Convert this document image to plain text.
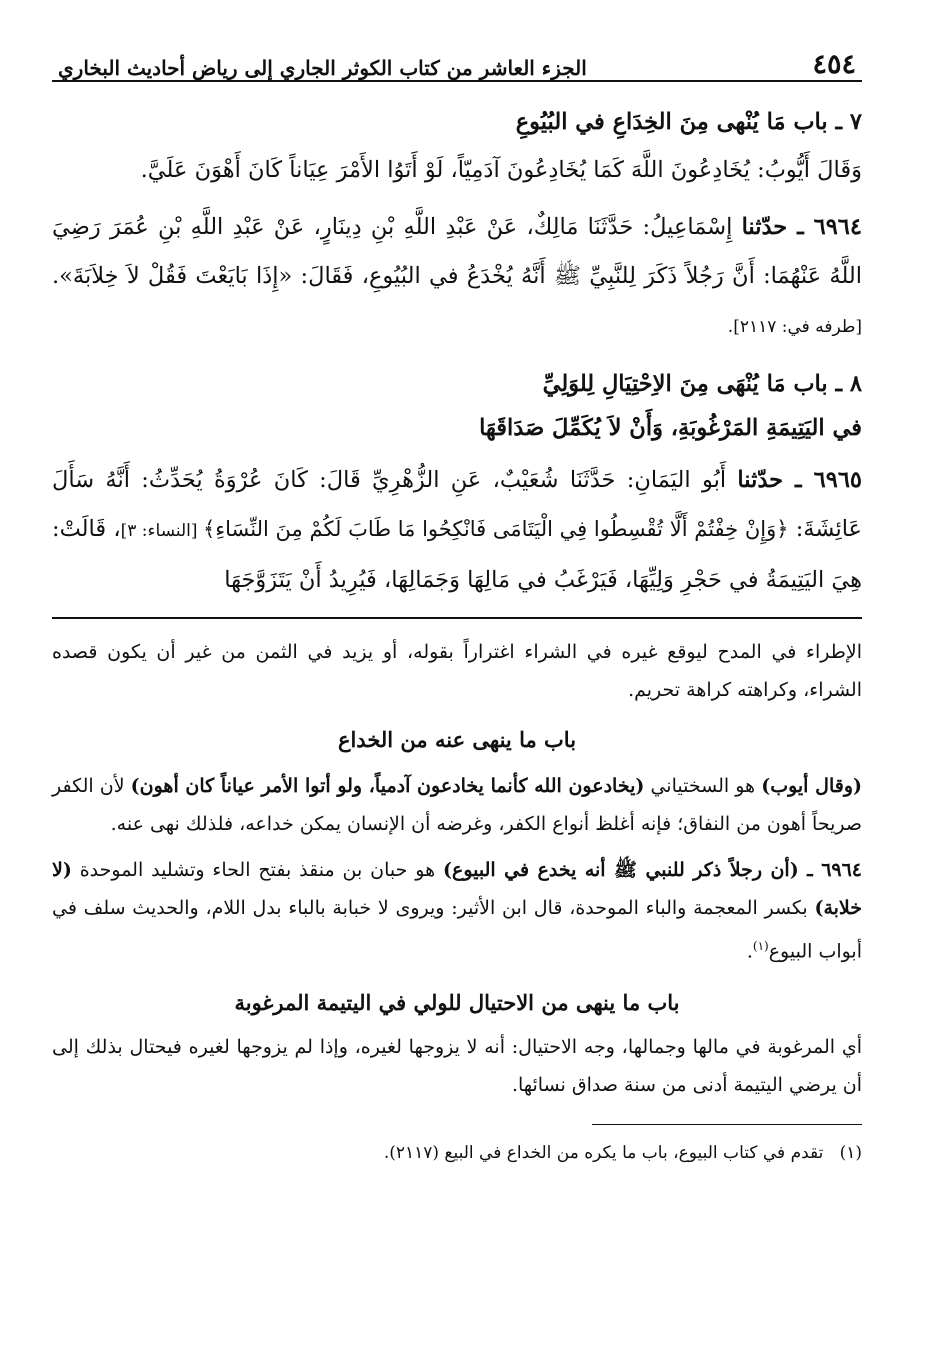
٤٥٤
الجزء العاشر من كتاب الكوثر الجاري إلى رياض أحاديث البخاري

٧ ـ باب مَا يُنْهى مِنَ الخِدَاعِ في البُيُوعِ

وَقَالَ أَيُّوبُ: يُخَادِعُونَ اللَّهَ كَمَا يُخَادِعُونَ آدَمِيّاً، لَوْ أَتَوُا الأَمْرَ عِيَاناً كَانَ أَهْوَنَ عَلَيَّ.

٦٩٦٤ ـ حدّثنا إِسْمَاعِيلُ: حَدَّثَنَا مَالِكٌ، عَنْ عَبْدِ اللَّهِ بْنِ دِينَارٍ، عَنْ عَبْدِ اللَّهِ بْنِ عُمَرَ رَضِيَ اللَّهُ عَنْهُمَا: أَنَّ رَجُلاً ذَكَرَ لِلنَّبِيِّ ﷺ أَنَّهُ يُخْدَعُ في البُيُوعِ، فَقَالَ: «إِذَا بَايَعْتَ فَقُلْ لاَ خِلاَبَةَ». [طرفه في: ٢١١٧].

٨ ـ باب مَا يُنْهَى مِنَ الاِحْتِيَالِ لِلوَلِيِّ

في اليَتِيمَةِ المَرْغُوبَةِ، وَأَنْ لاَ يُكَمِّلَ صَدَاقَهَا

٦٩٦٥ ـ حدّثنا أَبُو اليَمَانِ: حَدَّثَنَا شُعَيْبٌ، عَنِ الزُّهْرِيِّ قَالَ: كَانَ عُرْوَةُ يُحَدِّثُ: أَنَّهُ سَأَلَ عَائِشَةَ: ﴿وَإِنْ خِفْتُمْ أَلَّا تُقْسِطُوا فِي الْيَتَامَى فَانْكِحُوا مَا طَابَ لَكُمْ مِنَ النِّسَاءِ﴾ [النساء: ٣]، قَالَتْ: هِيَ اليَتِيمَةُ في حَجْرِ وَلِيِّهَا، فَيَرْغَبُ في مَالِهَا وَجَمَالِهَا، فَيُرِيدُ أَنْ يَتَزَوَّجَهَا

الإطراء في المدح ليوقع غيره في الشراء اغتراراً بقوله، أو يزيد في الثمن من غير أن يكون قصده الشراء، وكراهته كراهة تحريم.

باب ما ينهى عنه من الخداع

(وقال أيوب) هو السختياني (يخادعون الله كأنما يخادعون آدمياً، ولو أتوا الأمر عياناً كان أهون) لأن الكفر صريحاً أهون من النفاق؛ فإنه أغلظ أنواع الكفر، وغرضه أن الإنسان يمكن خداعه، فلذلك نهى عنه.

٦٩٦٤ ـ (أن رجلاً ذكر للنبي ﷺ أنه يخدع في البيوع) هو حبان بن منقذ بفتح الحاء وتشليد الموحدة (لا خلابة) بكسر المعجمة والباء الموحدة، قال ابن الأثير: ويروى لا خبابة بالباء بدل اللام، والحديث سلف في أبواب البيوع$^{(١)}$.

باب ما ينهى من الاحتيال للولي في اليتيمة المرغوبة

أي المرغوبة في مالها وجمالها، وجه الاحتيال: أنه لا يزوجها لغيره، وإذا لم يزوجها لغيره فيحتال بذلك إلى أن يرضي اليتيمة أدنى من سنة صداق نسائها.

(١)   تقدم في كتاب البيوع، باب ما يكره من الخداع في البيع (٢١١٧).
